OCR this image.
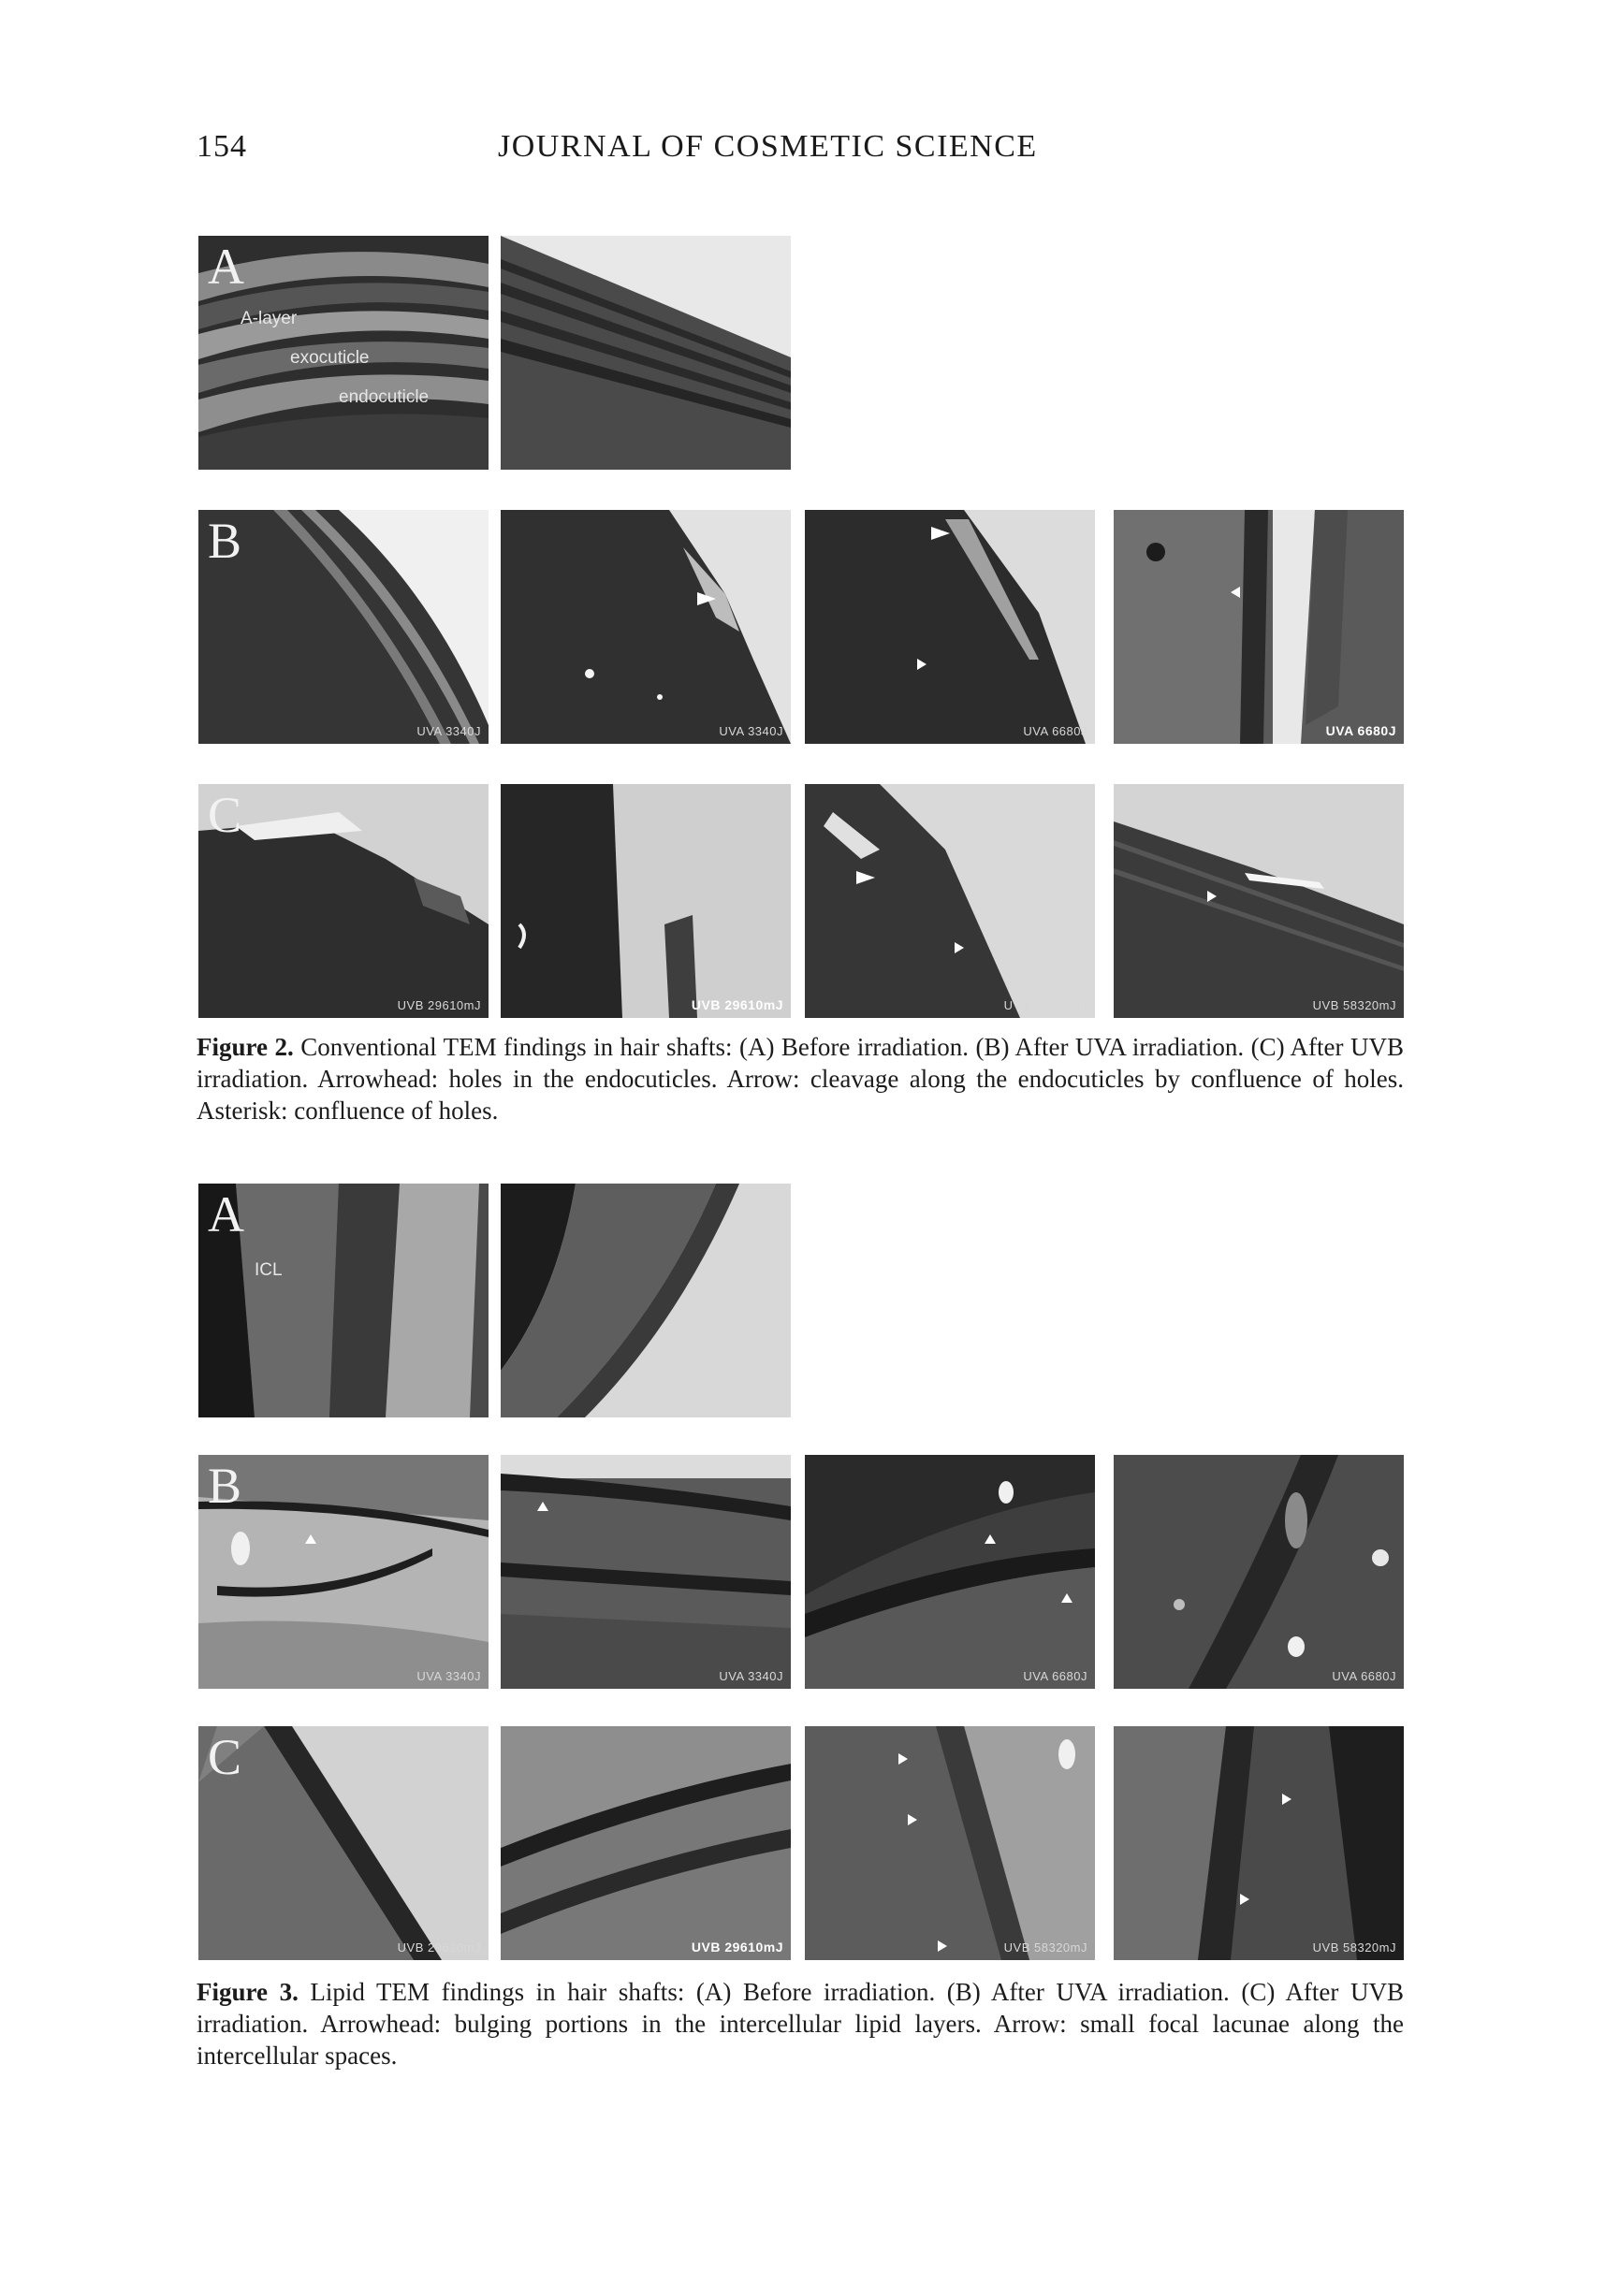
154	JOURNAL OF COSMETIC SCIENCE
A
A-layer
exocuticle
endocuticle
B
UVA 3340J	UVA 3340J	UVA 6680J	UVA 6680J
C
UVB 29610mJ	UVB 29610mJ	UVB 58320mJ	UVB 58320mJ
Figure 2. Conventional TEM findings in hair shafts: (A) Before irradiation. (B) After UVA irradiation. (C) After UVB irradiation. Arrowhead: holes in the endocuticles. Arrow: cleavage along the endocuticles by confluence of holes. Asterisk: confluence of holes.
A
ICL
B
UVA 3340J	UVA 3340J	UVA 6680J	UVA 6680J
C
UVB 29610mJ	UVB 29610mJ	UVB 58320mJ	UVB 58320mJ
Figure 3. Lipid TEM findings in hair shafts: (A) Before irradiation. (B) After UVA irradiation. (C) After UVB irradiation. Arrowhead: bulging portions in the intercellular lipid layers. Arrow: small focal lacunae along the intercellular spaces.
